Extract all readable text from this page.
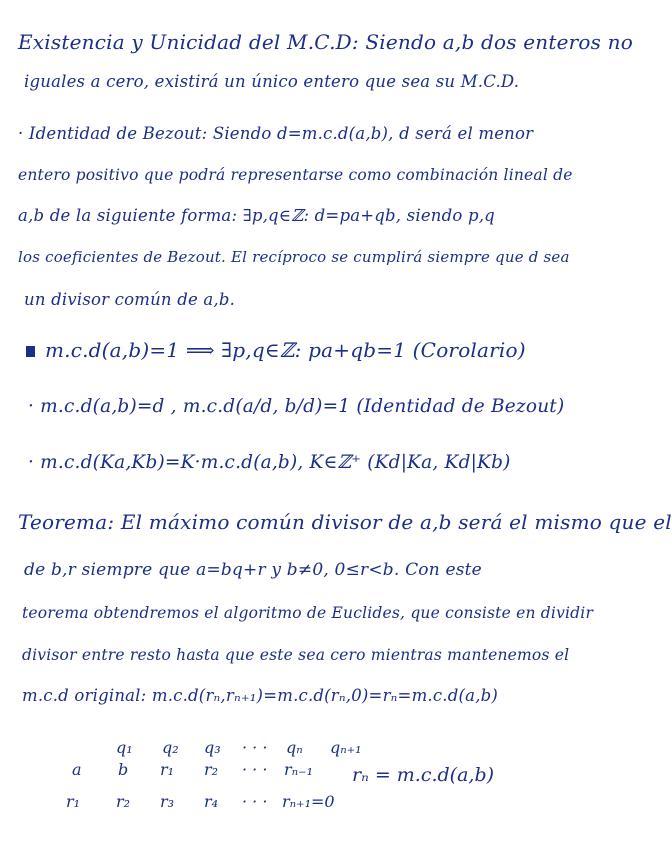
Existencia y Unicidad del M.C.D: Siendo a,b dos enteros no
iguales a cero, existirá un único entero que sea su M.C.D.
· Identidad de Bezout: Siendo d=m.c.d(a,b), d será el menor
entero positivo que podrá representarse como combinación lineal de
a,b de la siguiente forma: ∃p,q∈ℤ: d=pa+qb, siendo p,q
los coeficientes de Bezout. El recíproco se cumplirá siempre que d sea
un divisor común de a,b.
m.c.d(a,b)=1 ⟹ ∃p,q∈ℤ: pa+qb=1 (Corolario)
· m.c.d(a,b)=d , m.c.d(a/d, b/d)=1 (Identidad de Bezout)
· m.c.d(Ka,Kb)=K·m.c.d(a,b), K∈ℤ⁺ (Kd|Ka, Kd|Kb)
Teorema: El máximo común divisor de a,b será el mismo que el
de b,r siempre que a=bq+r y b≠0, 0≤r<b. Con este
teorema obtendremos el algoritmo de Euclides, que consiste en dividir
divisor entre resto hasta que este sea cero mientras mantenemos el
m.c.d original: m.c.d(rₙ,rₙ₊₁)=m.c.d(rₙ,0)=rₙ=m.c.d(a,b)
q₁ q₂ q₃ · · · qₙ qₙ₊₁
a b r₁ r₂ · · · rₙ₋₁ rₙ = m.c.d(a,b)
r₁ r₂ r₃ r₄ · · · rₙ₊₁=0
